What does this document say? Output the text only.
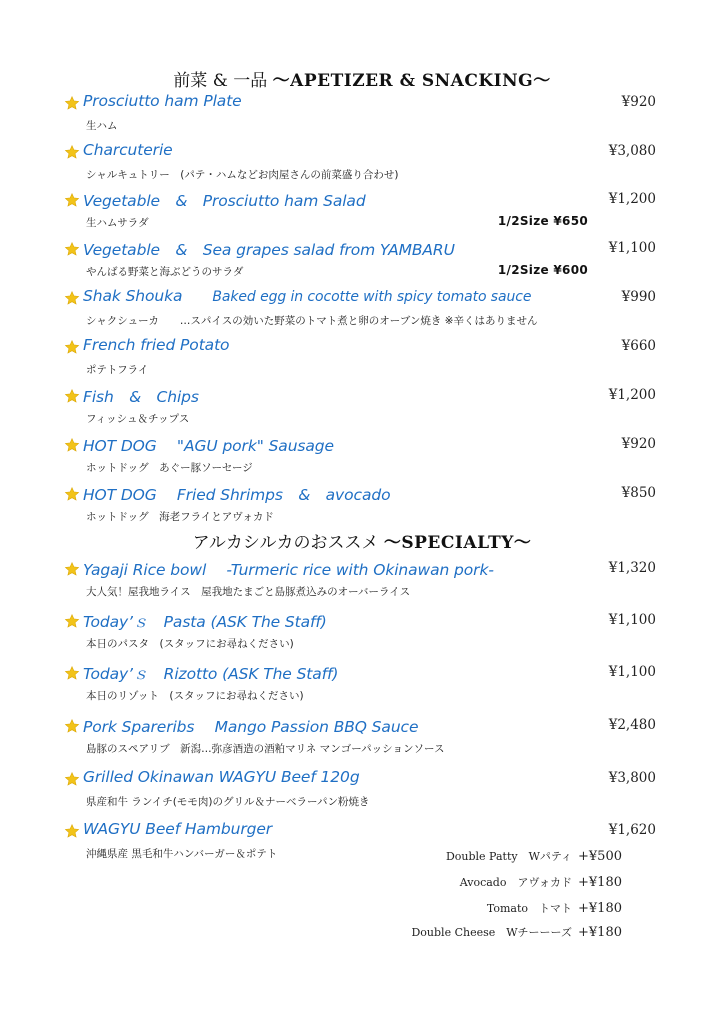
前菜 & 一品 ～APETIZER & SNACKING～
アルカシルカのおススメ ～SPECIALTY～
Prosciutto ham Plate	¥920
生ハム
Charcuterie	¥3,080
シャルキュトリー　(パテ・ハムなどお肉屋さんの前菜盛り合わせ)
Vegetable　&　Prosciutto ham Salad	¥1,200
生ハムサラダ	1/2Size ¥650
Vegetable　&　Sea grapes salad from YAMBARU	¥1,100
やんばる野菜と海ぶどうのサラダ	1/2Size ¥600
Shak Shouka Baked egg in cocotte with spicy tomato sauce	¥990
シャクシューカ　　…スパイスの効いた野菜のトマト煮と卵のオーブン焼き ※辛くはありません
French fried Potato	¥660
ポテトフライ
Fish　&　Chips	¥1,200
フィッシュ＆チップス
HOT DOG　 "AGU pork" Sausage	¥920
ホットドッグ　あぐー豚ソーセージ
HOT DOG　 Fried Shrimps　&　avocado	¥850
ホットドッグ　海老フライとアヴォカド
Yagaji Rice bowl　 -Turmeric rice with Okinawan pork-	¥1,320
大人気！屋我地ライス　屋我地たまごと島豚煮込みのオーバーライス
Today’ｓ　Pasta (ASK The Staff)	¥1,100
本日のパスタ　(スタッフにお尋ねください)
Today’ｓ　Rizotto (ASK The Staff)	¥1,100
本日のリゾット　(スタッフにお尋ねください)
Pork Spareribs　 Mango Passion BBQ Sauce	¥2,480
島豚のスペアリブ　新潟…弥彦酒造の酒粕マリネ マンゴーパッションソース
Grilled Okinawan WAGYU Beef 120g	¥3,800
県産和牛 ランイチ(モモ肉)のグリル＆ナーベラーパン粉焼き
WAGYU Beef Hamburger	¥1,620
沖縄県産 黒毛和牛ハンバーガー＆ポテト	Double Patty　Wパティ +¥500
Avocado　アヴォカド +¥180
Tomato　トマト +¥180
Double Cheese　Wチーーーズ +¥180
